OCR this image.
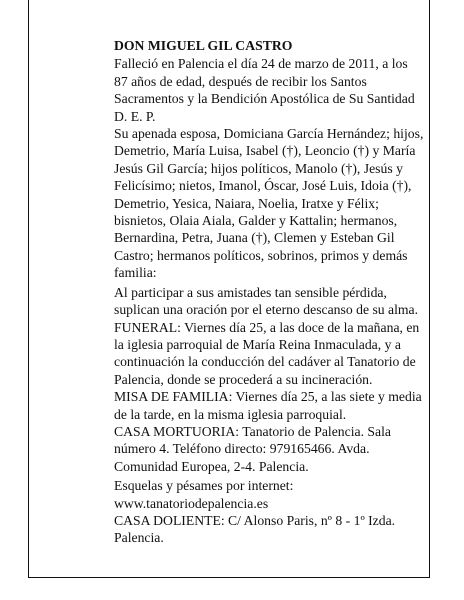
DON MIGUEL GIL CASTRO

Falleció en Palencia el día 24 de marzo de 2011, a los 87 años de edad, después de recibir los Santos Sacramentos y la Bendición Apostólica de Su Santidad

D. E. P.

Su apenada esposa, Domiciana García Hernández; hijos, Demetrio, María Luisa, Isabel (†), Leoncio (†) y María Jesús Gil García; hijos políticos, Manolo (†), Jesús y Felicísimo; nietos, Imanol, Óscar, José Luis, Idoia (†), Demetrio, Yesica, Naiara, Noelia, Iratxe y Félix; bisnietos, Olaia Aiala, Galder y Kattalin; hermanos, Bernardina, Petra, Juana (†), Clemen y Esteban Gil Castro; hermanos políticos, sobrinos, primos y demás familia:

Al participar a sus amistades tan sensible pérdida, suplican una oración por el eterno descanso de su alma.

FUNERAL: Viernes día 25, a las doce de la mañana, en la iglesia parroquial de María Reina Inmaculada, y a continuación la conducción del cadáver al Tanatorio de Palencia, donde se procederá a su incineración.

MISA DE FAMILIA: Viernes día 25, a las siete y media de la tarde, en la misma iglesia parroquial.

CASA MORTUORIA: Tanatorio de Palencia. Sala número 4. Teléfono directo: 979165466. Avda. Comunidad Europea, 2-4. Palencia.

Esquelas y pésames por internet: www.tanatoriodepalencia.es

CASA DOLIENTE: C/ Alonso Paris, nº 8 - 1º Izda. Palencia.
